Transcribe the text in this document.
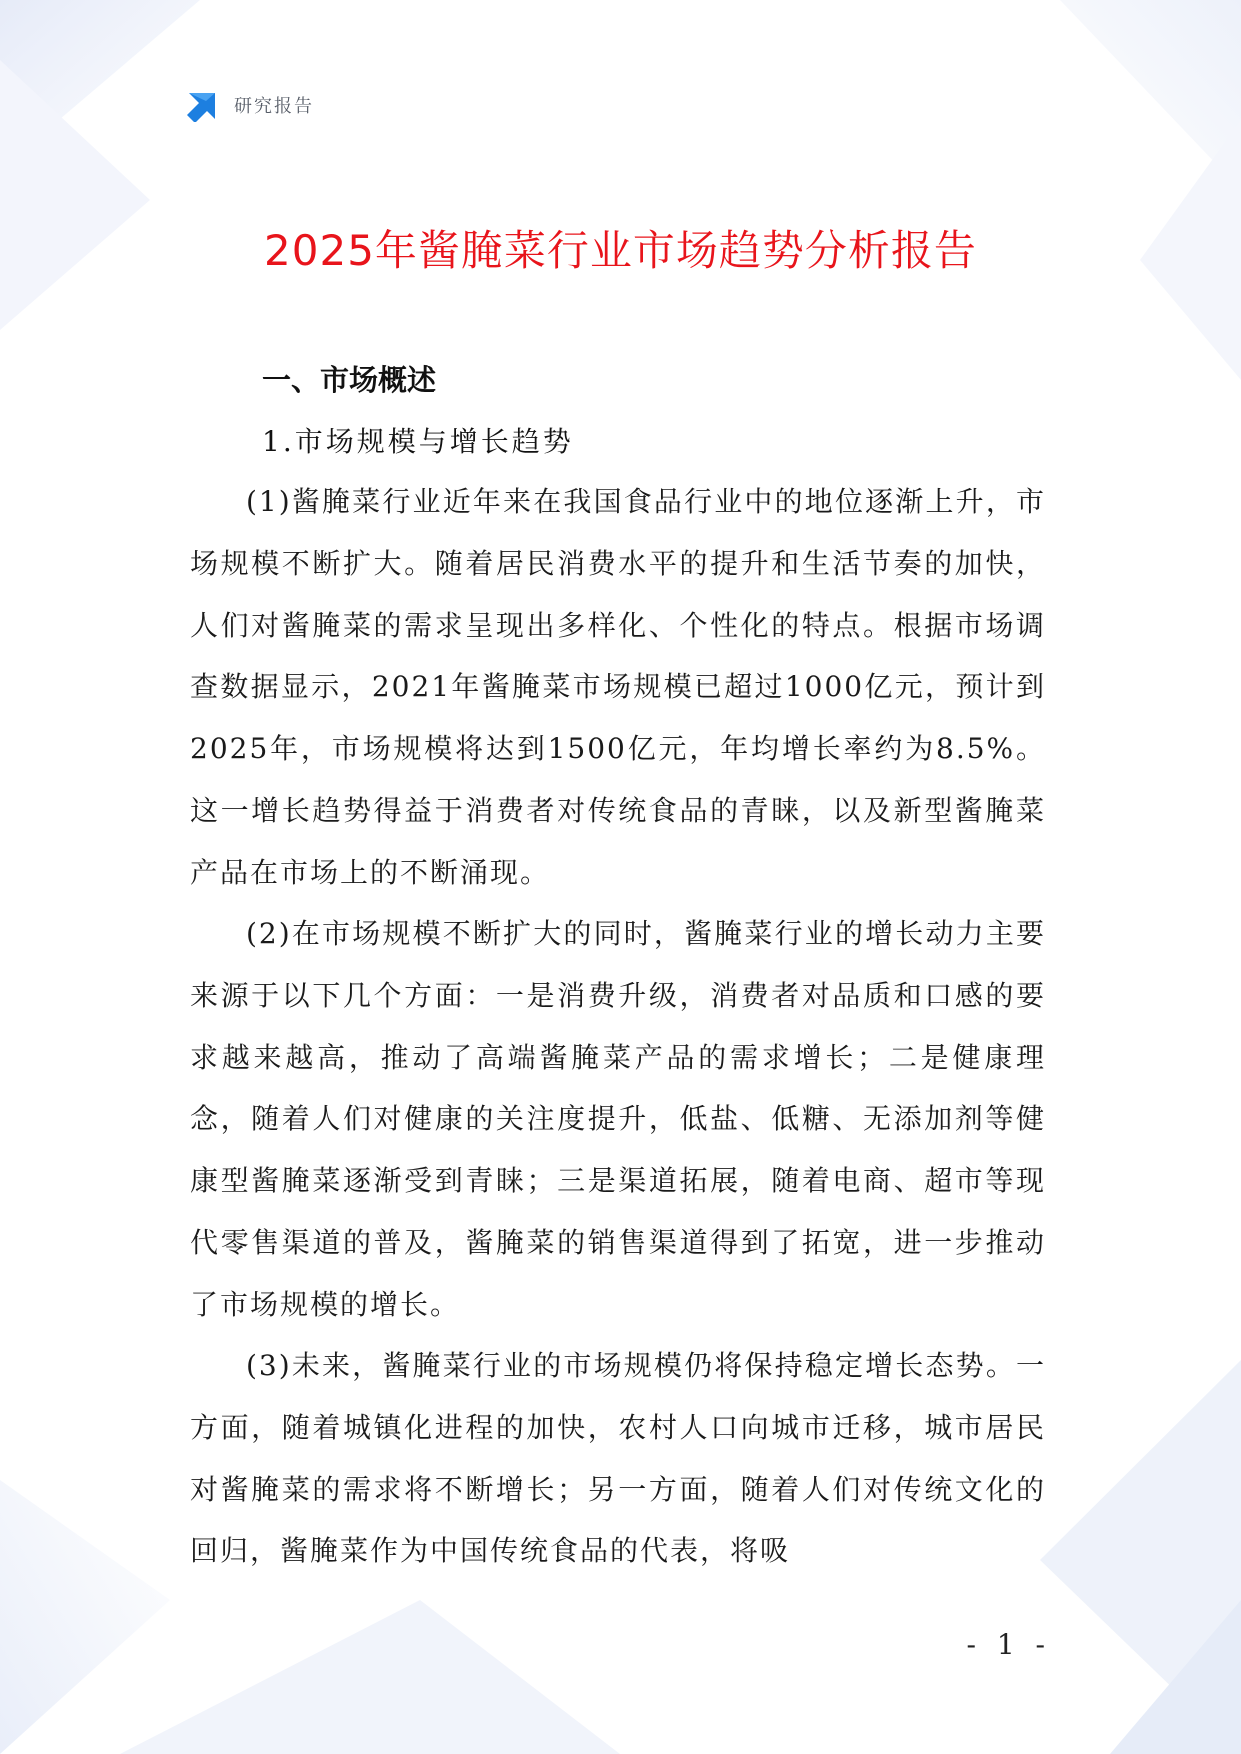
研究报告
2025年酱腌菜行业市场趋势分析报告
一、市场概述
1.市场规模与增长趋势

(1)酱腌菜行业近年来在我国食品行业中的地位逐渐上升，市场规模不断扩大。随着居民消费水平的提升和生活节奏的加快，人们对酱腌菜的需求呈现出多样化、个性化的特点。根据市场调查数据显示，2021年酱腌菜市场规模已超过1000亿元，预计到2025年，市场规模将达到1500亿元，年均增长率约为8.5%。这一增长趋势得益于消费者对传统食品的青睐，以及新型酱腌菜产品在市场上的不断涌现。

(2)在市场规模不断扩大的同时，酱腌菜行业的增长动力主要来源于以下几个方面：一是消费升级，消费者对品质和口感的要求越来越高，推动了高端酱腌菜产品的需求增长；二是健康理念，随着人们对健康的关注度提升，低盐、低糖、无添加剂等健康型酱腌菜逐渐受到青睐；三是渠道拓展，随着电商、超市等现代零售渠道的普及，酱腌菜的销售渠道得到了拓宽，进一步推动了市场规模的增长。

(3)未来，酱腌菜行业的市场规模仍将保持稳定增长态势。一方面，随着城镇化进程的加快，农村人口向城市迁移，城市居民对酱腌菜的需求将不断增长；另一方面，随着人们对传统文化的回归，酱腌菜作为中国传统食品的代表，将吸

- 1 -
